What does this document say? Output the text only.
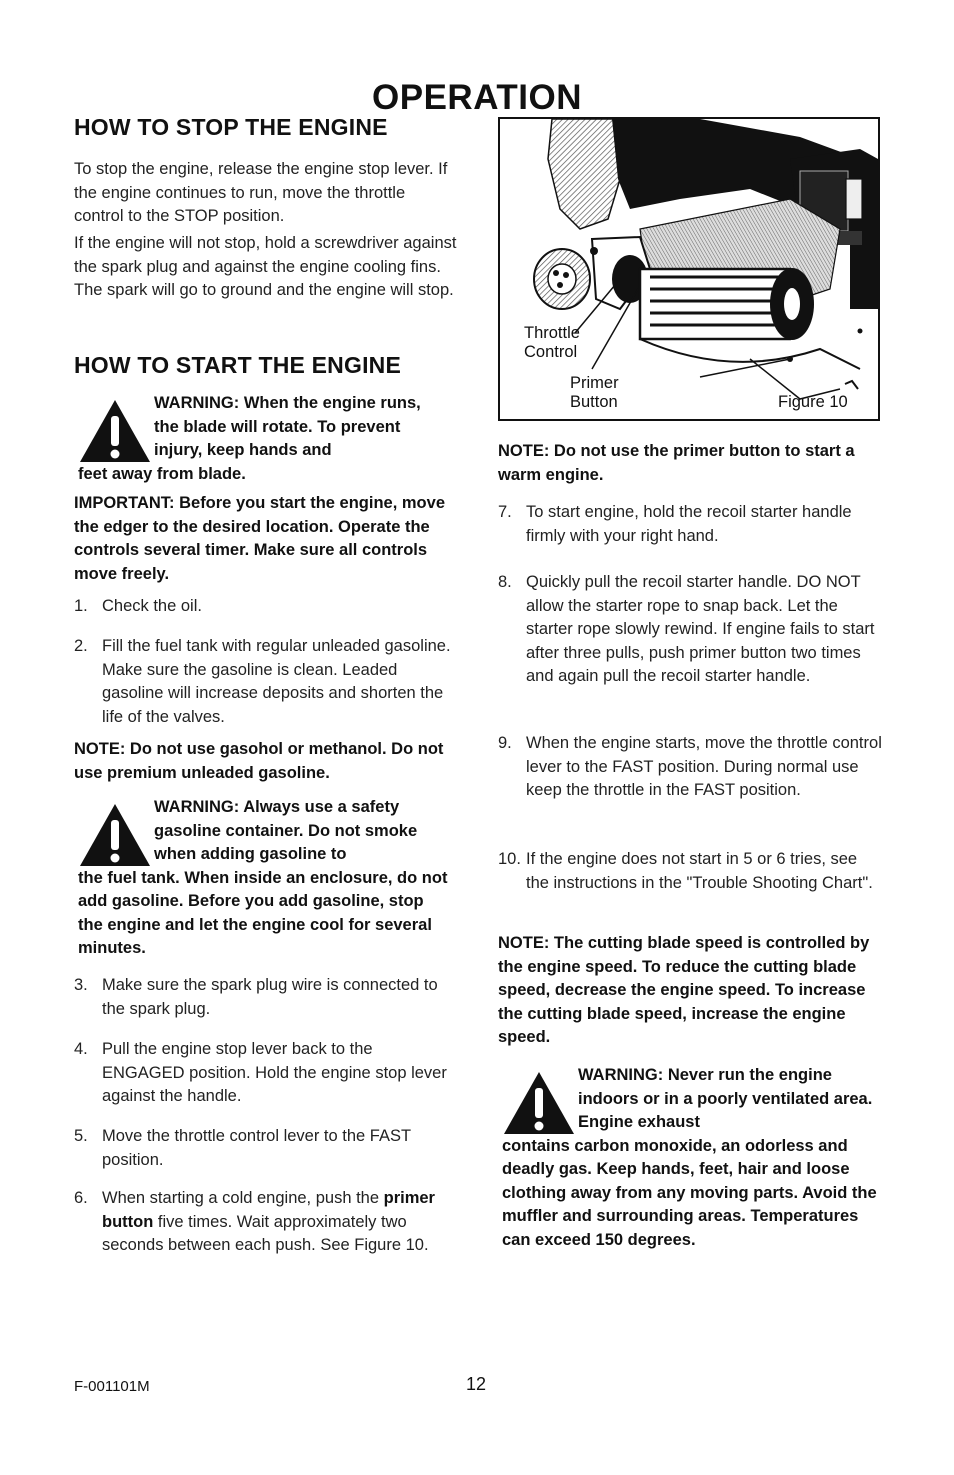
OPERATION
HOW TO STOP THE ENGINE

To stop the engine, release the engine stop lever. If the engine continues to run, move the throttle control to the STOP position.

If the engine will not stop, hold a screwdriver against the spark plug and against the engine cooling fins. The spark will go to ground and the engine will stop.

HOW TO START THE ENGINE

WARNING: When the engine runs, the blade will rotate. To prevent injury, keep hands and
feet away from blade.

IMPORTANT: Before you start the engine, move the edger to the desired location. Operate the controls several timer. Make sure all controls move freely.

1. Check the oil.
2. Fill the fuel tank with regular unleaded gasoline. Make sure the gasoline is clean. Leaded gasoline will increase deposits and shorten the life of the valves.

NOTE: Do not use gasohol or methanol. Do not use premium unleaded gasoline.

WARNING: Always use a safety gasoline container. Do not smoke when adding gasoline to
the fuel tank. When inside an enclosure, do not add gasoline. Before you add gasoline, stop the engine and let the engine cool for several minutes.

3. Make sure the spark plug wire is connected to the spark plug.
4. Pull the engine stop lever back to the ENGAGED position. Hold the engine stop lever against the handle.
5. Move the throttle control lever to the FAST position.
6. When starting a cold engine, push the primer button five times. Wait approximately two seconds between each push. See Figure 10.
Throttle
Control
Primer
Button	Figure 10

NOTE: Do not use the primer button to start a warm engine.

7. To start engine, hold the recoil starter handle firmly with your right hand.
8. Quickly pull the recoil starter handle. DO NOT allow the starter rope to snap back. Let the starter rope slowly rewind. If engine fails to start after three pulls, push primer button two times and again pull the recoil starter handle.
9. When the engine starts, move the throttle control lever to the FAST position. During normal use keep the throttle in the FAST position.
10. If the engine does not start in 5 or 6 tries, see the instructions in the "Trouble Shooting Chart".

NOTE: The cutting blade speed is controlled by the engine speed. To reduce the cutting blade speed, decrease the engine speed. To increase the cutting blade speed, increase the engine speed.

WARNING: Never run the engine indoors or in a poorly ventilated area. Engine exhaust
contains carbon monoxide, an odorless and deadly gas. Keep hands, feet, hair and loose clothing away from any moving parts. Avoid the muffler and surrounding areas. Temperatures can exceed 150 degrees.

F-001101M	12
